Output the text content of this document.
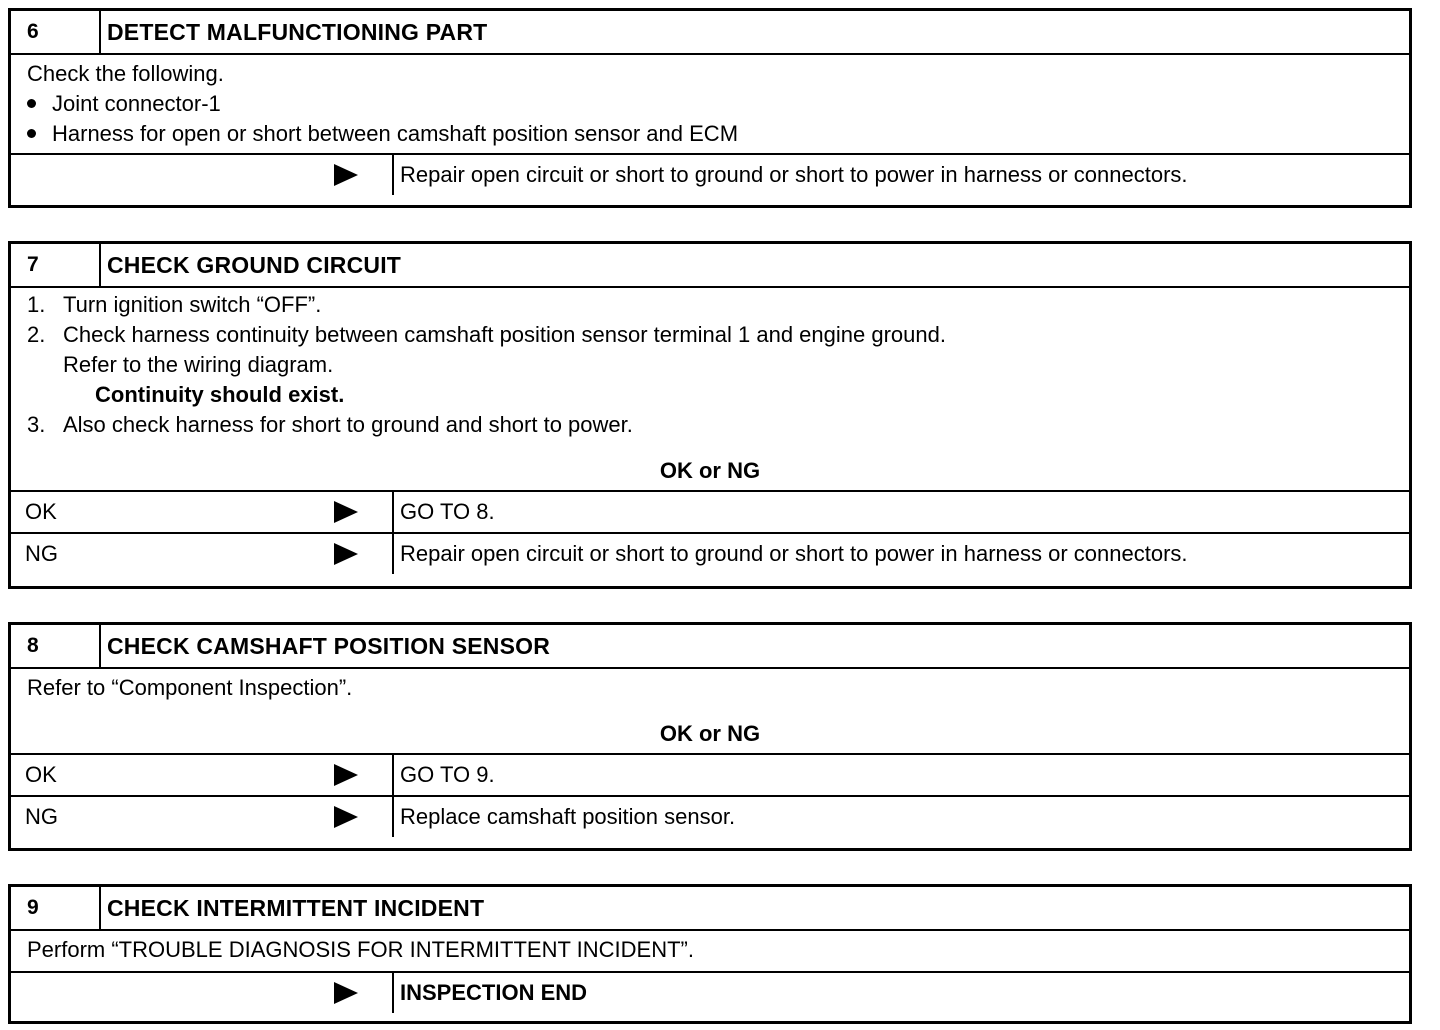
6	DETECT MALFUNCTIONING PART
Check the following.
Joint connector-1
Harness for open or short between camshaft position sensor and ECM
Repair open circuit or short to ground or short to power in harness or connectors.
7	CHECK GROUND CIRCUIT
1. Turn ignition switch “OFF”.
2. Check harness continuity between camshaft position sensor terminal 1 and engine ground.
Refer to the wiring diagram.
Continuity should exist.
3. Also check harness for short to ground and short to power.
OK or NG
OK	GO TO 8.
NG	Repair open circuit or short to ground or short to power in harness or connectors.
8	CHECK CAMSHAFT POSITION SENSOR
Refer to “Component Inspection”.
OK or NG
OK	GO TO 9.
NG	Replace camshaft position sensor.
9	CHECK INTERMITTENT INCIDENT
Perform “TROUBLE DIAGNOSIS FOR INTERMITTENT INCIDENT”.
INSPECTION END
